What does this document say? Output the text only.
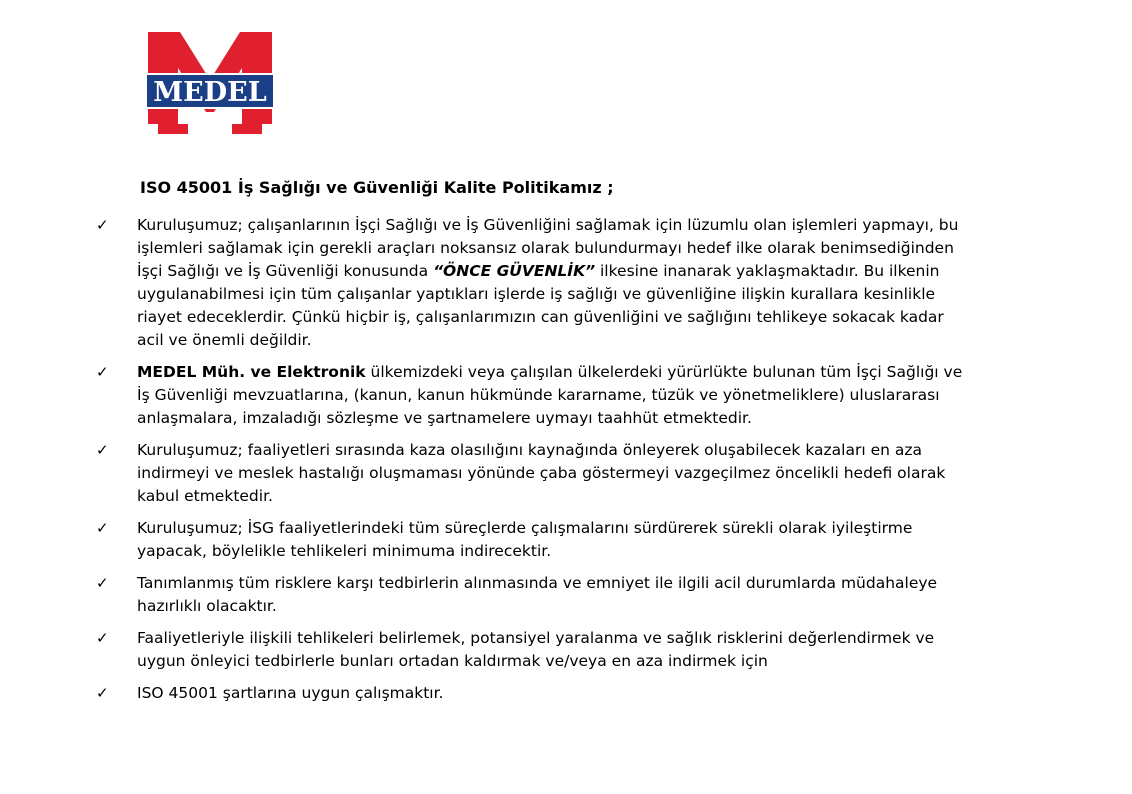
MEDEL
ISO 45001 İş Sağlığı ve Güvenliği Kalite Politikamız ;
✓ Kuruluşumuz; çalışanlarının İşçi Sağlığı ve İş Güvenliğini sağlamak için lüzumlu olan işlemleri yapmayı, bu
işlemleri sağlamak için gerekli araçları noksansız olarak bulundurmayı hedef ilke olarak benimsediğinden
İşçi Sağlığı ve İş Güvenliği konusunda “ÖNCE GÜVENLİK” ilkesine inanarak yaklaşmaktadır. Bu ilkenin
uygulanabilmesi için tüm çalışanlar yaptıkları işlerde iş sağlığı ve güvenliğine ilişkin kurallara kesinlikle
riayet edeceklerdir. Çünkü hiçbir iş, çalışanlarımızın can güvenliğini ve sağlığını tehlikeye sokacak kadar
acil ve önemli değildir.
✓ MEDEL Müh. ve Elektronik ülkemizdeki veya çalışılan ülkelerdeki yürürlükte bulunan tüm İşçi Sağlığı ve
İş Güvenliği mevzuatlarına, (kanun, kanun hükmünde kararname, tüzük ve yönetmeliklere) uluslararası
anlaşmalara, imzaladığı sözleşme ve şartnamelere uymayı taahhüt etmektedir.
✓ Kuruluşumuz; faaliyetleri sırasında kaza olasılığını kaynağında önleyerek oluşabilecek kazaları en aza
indirmeyi ve meslek hastalığı oluşmaması yönünde çaba göstermeyi vazgeçilmez öncelikli hedefi olarak
kabul etmektedir.
✓ Kuruluşumuz; İSG faaliyetlerindeki tüm süreçlerde çalışmalarını sürdürerek sürekli olarak iyileştirme
yapacak, böylelikle tehlikeleri minimuma indirecektir.
✓ Tanımlanmış tüm risklere karşı tedbirlerin alınmasında ve emniyet ile ilgili acil durumlarda müdahaleye
hazırlıklı olacaktır.
✓ Faaliyetleriyle ilişkili tehlikeleri belirlemek, potansiyel yaralanma ve sağlık risklerini değerlendirmek ve
uygun önleyici tedbirlerle bunları ortadan kaldırmak ve/veya en aza indirmek için
✓ ISO 45001 şartlarına uygun çalışmaktır.
